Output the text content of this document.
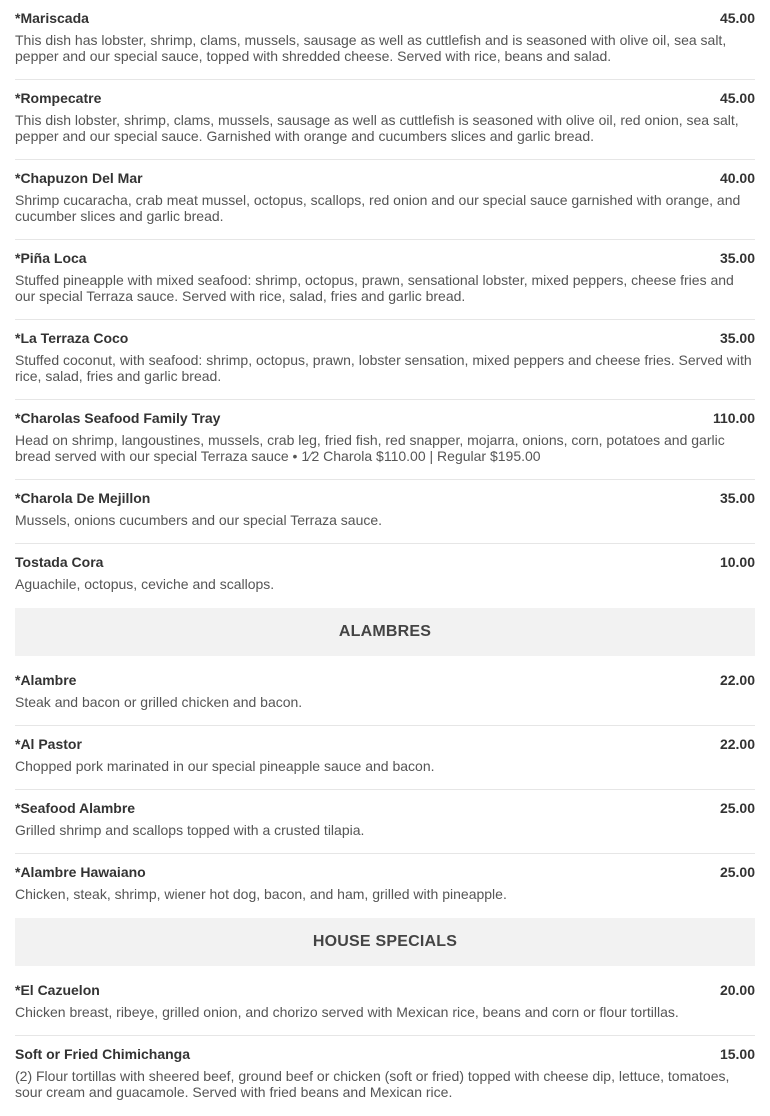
*Mariscada	45.00
This dish has lobster, shrimp, clams, mussels, sausage as well as cuttlefish and is seasoned with olive oil, sea salt, pepper and our special sauce, topped with shredded cheese. Served with rice, beans and salad.
*Rompecatre	45.00
This dish lobster, shrimp, clams, mussels, sausage as well as cuttlefish is seasoned with olive oil, red onion, sea salt, pepper and our special sauce. Garnished with orange and cucumbers slices and garlic bread.
*Chapuzon Del Mar	40.00
Shrimp cucaracha, crab meat mussel, octopus, scallops, red onion and our special sauce garnished with orange, and cucumber slices and garlic bread.
*Piña Loca	35.00
Stuffed pineapple with mixed seafood: shrimp, octopus, prawn, sensational lobster, mixed peppers, cheese fries and our special Terraza sauce. Served with rice, salad, fries and garlic bread.
*La Terraza Coco	35.00
Stuffed coconut, with seafood: shrimp, octopus, prawn, lobster sensation, mixed peppers and cheese fries. Served with rice, salad, fries and garlic bread.
*Charolas Seafood Family Tray	110.00
Head on shrimp, langoustines, mussels, crab leg, fried fish, red snapper, mojarra, onions, corn, potatoes and garlic bread served with our special Terraza sauce • 1⁄2 Charola $110.00 | Regular $195.00
*Charola De Mejillon	35.00
Mussels, onions cucumbers and our special Terraza sauce.
Tostada Cora	10.00
Aguachile, octopus, ceviche and scallops.
ALAMBRES
*Alambre	22.00
Steak and bacon or grilled chicken and bacon.
*Al Pastor	22.00
Chopped pork marinated in our special pineapple sauce and bacon.
*Seafood Alambre	25.00
Grilled shrimp and scallops topped with a crusted tilapia.
*Alambre Hawaiano	25.00
Chicken, steak, shrimp, wiener hot dog, bacon, and ham, grilled with pineapple.
HOUSE SPECIALS
*El Cazuelon	20.00
Chicken breast, ribeye, grilled onion, and chorizo served with Mexican rice, beans and corn or flour tortillas.
Soft or Fried Chimichanga	15.00
(2) Flour tortillas with sheered beef, ground beef or chicken (soft or fried) topped with cheese dip, lettuce, tomatoes, sour cream and guacamole. Served with fried beans and Mexican rice.
